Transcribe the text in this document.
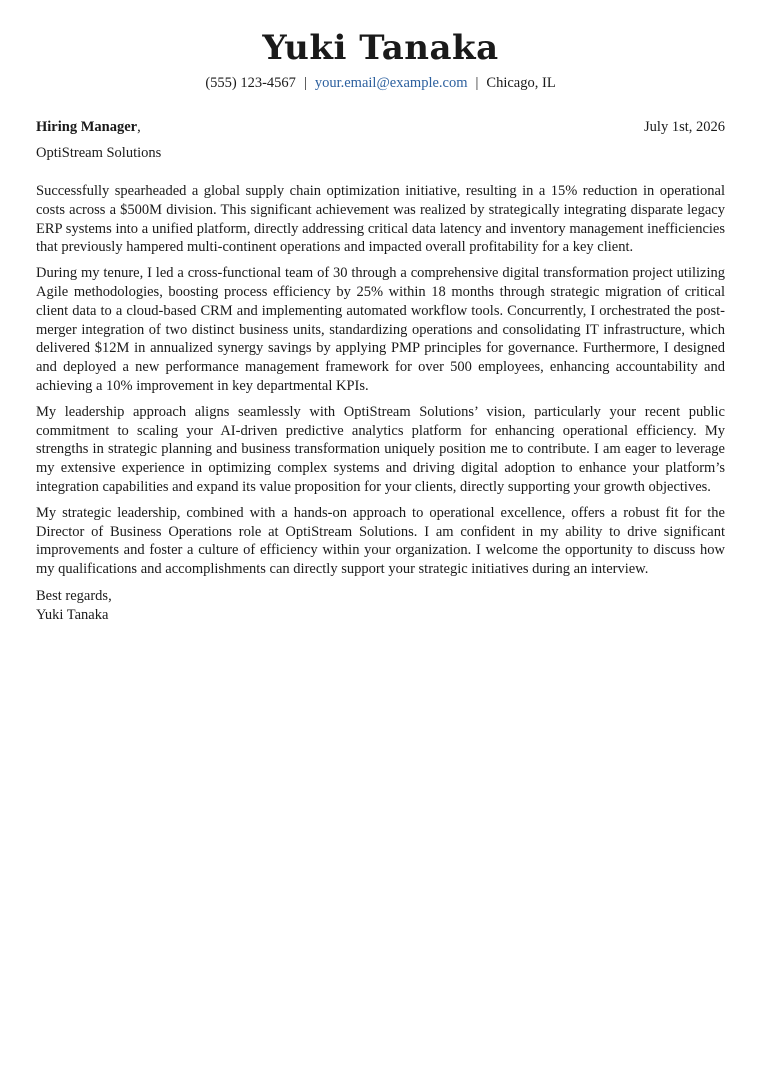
Yuki Tanaka
(555) 123-4567 | your.email@example.com | Chicago, IL
Hiring Manager,	July 1st, 2026
OptiStream Solutions

Successfully spearheaded a global supply chain optimization initiative, resulting in a 15% reduction in operational costs across a $500M division. This significant achievement was realized by strategically integrating disparate legacy ERP systems into a unified platform, directly addressing critical data latency and inventory management inefficiencies that previously hampered multi-continent operations and impacted overall profitability for a key client.

During my tenure, I led a cross-functional team of 30 through a comprehensive digital transformation project utilizing Agile methodologies, boosting process efficiency by 25% within 18 months through strategic migration of critical client data to a cloud-based CRM and implementing automated workflow tools. Concurrently, I orchestrated the post-merger integration of two distinct business units, standardizing operations and consolidating IT infrastructure, which delivered $12M in annualized synergy savings by applying PMP principles for governance. Furthermore, I designed and deployed a new performance management framework for over 500 employees, enhancing accountability and achieving a 10% improvement in key departmental KPIs.

My leadership approach aligns seamlessly with OptiStream Solutions’ vision, particularly your recent public commitment to scaling your AI-driven predictive analytics platform for enhancing operational efficiency. My strengths in strategic planning and business transformation uniquely position me to contribute. I am eager to leverage my extensive experience in optimizing complex systems and driving digital adoption to enhance your platform’s integration capabilities and expand its value proposition for your clients, directly supporting your growth objectives.

My strategic leadership, combined with a hands-on approach to operational excellence, offers a robust fit for the Director of Business Operations role at OptiStream Solutions. I am confident in my ability to drive significant improvements and foster a culture of efficiency within your organization. I welcome the opportunity to discuss how my qualifications and accomplishments can directly support your strategic initiatives during an interview.

Best regards,
Yuki Tanaka
